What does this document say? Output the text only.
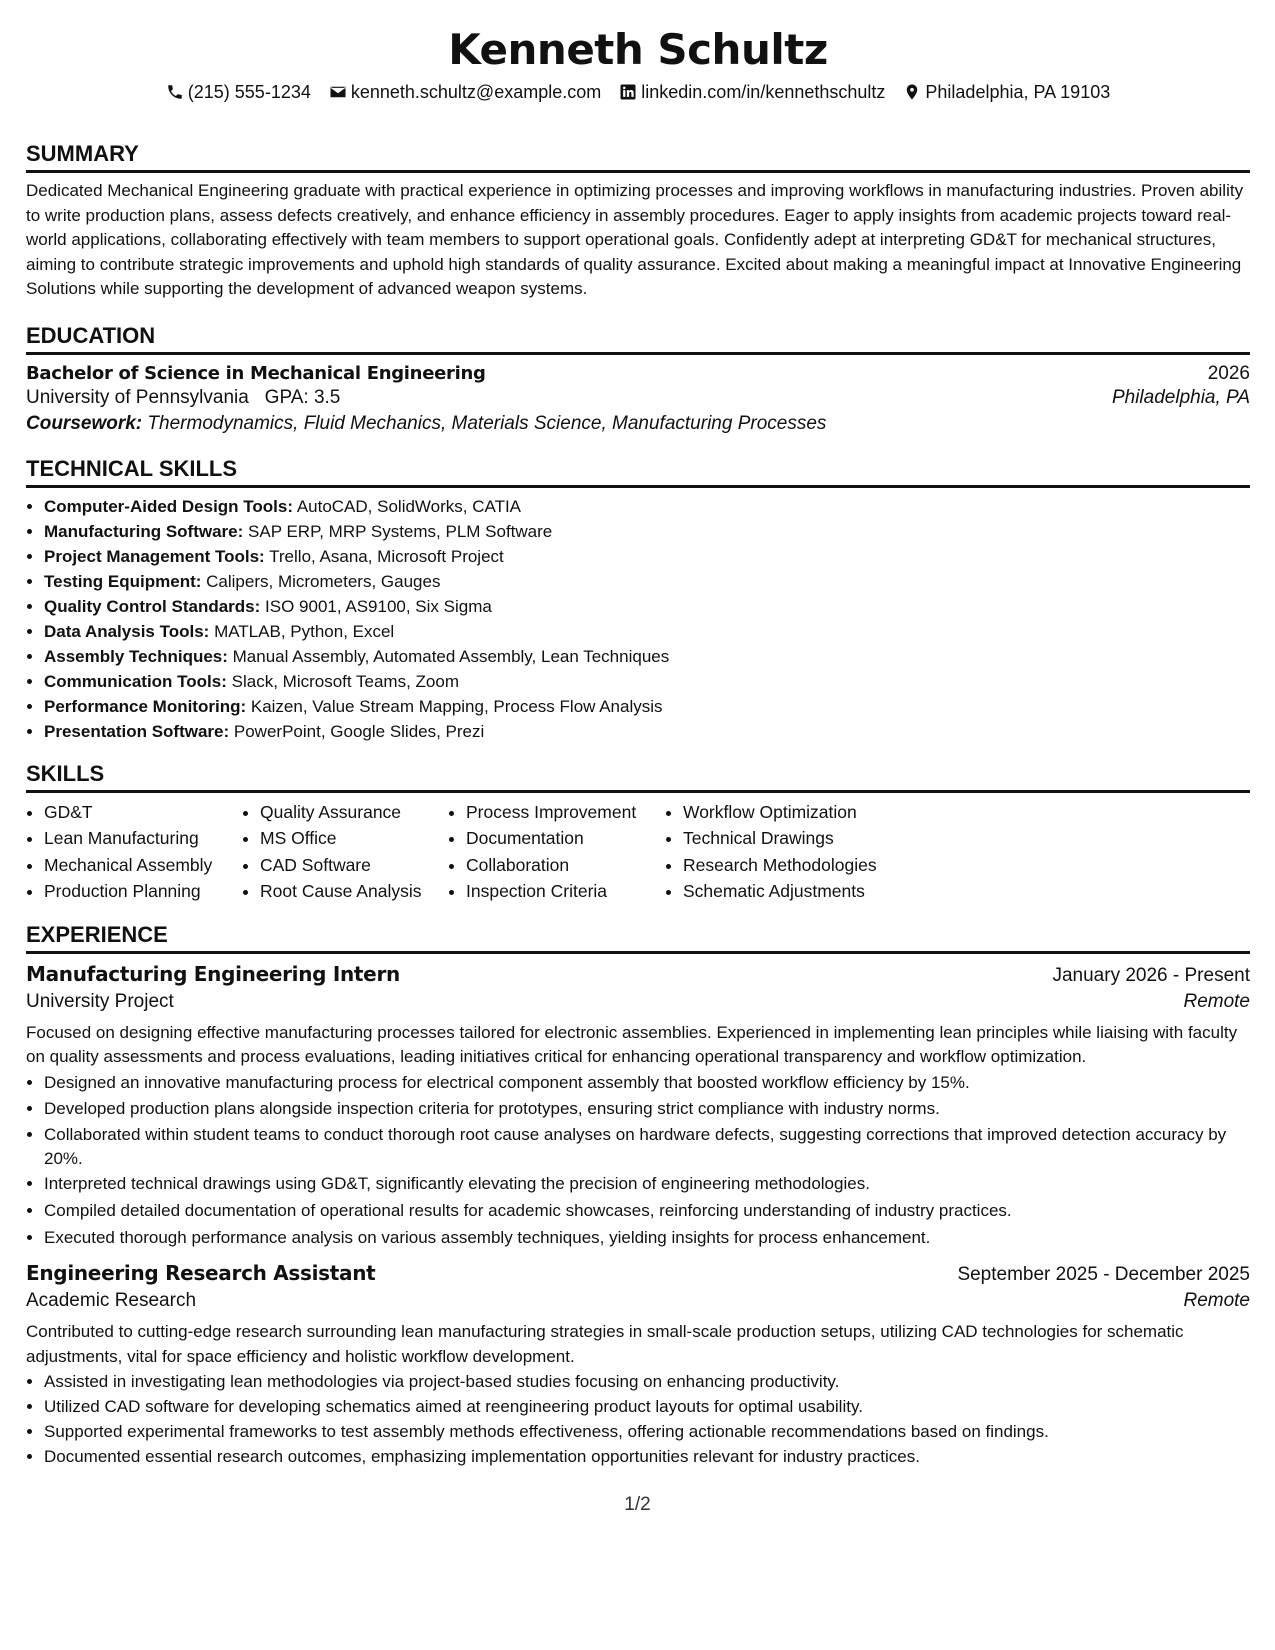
Kenneth Schultz
(215) 555-1234 kenneth.schultz@example.com linkedin.com/in/kennethschultz Philadelphia, PA 19103
SUMMARY
Dedicated Mechanical Engineering graduate with practical experience in optimizing processes and improving workflows in manufacturing industries. Proven ability to write production plans, assess defects creatively, and enhance efficiency in assembly procedures. Eager to apply insights from academic projects toward real-world applications, collaborating effectively with team members to support operational goals. Confidently adept at interpreting GD&T for mechanical structures, aiming to contribute strategic improvements and uphold high standards of quality assurance. Excited about making a meaningful impact at Innovative Engineering Solutions while supporting the development of advanced weapon systems.
EDUCATION
Bachelor of Science in Mechanical Engineering	2026
University of Pennsylvania GPA: 3.5	Philadelphia, PA
Coursework: Thermodynamics, Fluid Mechanics, Materials Science, Manufacturing Processes
TECHNICAL SKILLS
• Computer-Aided Design Tools: AutoCAD, SolidWorks, CATIA
• Manufacturing Software: SAP ERP, MRP Systems, PLM Software
• Project Management Tools: Trello, Asana, Microsoft Project
• Testing Equipment: Calipers, Micrometers, Gauges
• Quality Control Standards: ISO 9001, AS9100, Six Sigma
• Data Analysis Tools: MATLAB, Python, Excel
• Assembly Techniques: Manual Assembly, Automated Assembly, Lean Techniques
• Communication Tools: Slack, Microsoft Teams, Zoom
• Performance Monitoring: Kaizen, Value Stream Mapping, Process Flow Analysis
• Presentation Software: PowerPoint, Google Slides, Prezi
SKILLS
• GD&T
• Lean Manufacturing
• Mechanical Assembly
• Production Planning
• Quality Assurance
• MS Office
• CAD Software
• Root Cause Analysis
• Process Improvement
• Documentation
• Collaboration
• Inspection Criteria
• Workflow Optimization
• Technical Drawings
• Research Methodologies
• Schematic Adjustments
EXPERIENCE
Manufacturing Engineering Intern	January 2026 - Present
University Project	Remote
Focused on designing effective manufacturing processes tailored for electronic assemblies. Experienced in implementing lean principles while liaising with faculty on quality assessments and process evaluations, leading initiatives critical for enhancing operational transparency and workflow optimization.
• Designed an innovative manufacturing process for electrical component assembly that boosted workflow efficiency by 15%.
• Developed production plans alongside inspection criteria for prototypes, ensuring strict compliance with industry norms.
• Collaborated within student teams to conduct thorough root cause analyses on hardware defects, suggesting corrections that improved detection accuracy by 20%.
• Interpreted technical drawings using GD&T, significantly elevating the precision of engineering methodologies.
• Compiled detailed documentation of operational results for academic showcases, reinforcing understanding of industry practices.
• Executed thorough performance analysis on various assembly techniques, yielding insights for process enhancement.
Engineering Research Assistant	September 2025 - December 2025
Academic Research	Remote
Contributed to cutting-edge research surrounding lean manufacturing strategies in small-scale production setups, utilizing CAD technologies for schematic adjustments, vital for space efficiency and holistic workflow development.
• Assisted in investigating lean methodologies via project-based studies focusing on enhancing productivity.
• Utilized CAD software for developing schematics aimed at reengineering product layouts for optimal usability.
• Supported experimental frameworks to test assembly methods effectiveness, offering actionable recommendations based on findings.
• Documented essential research outcomes, emphasizing implementation opportunities relevant for industry practices.
1/2
